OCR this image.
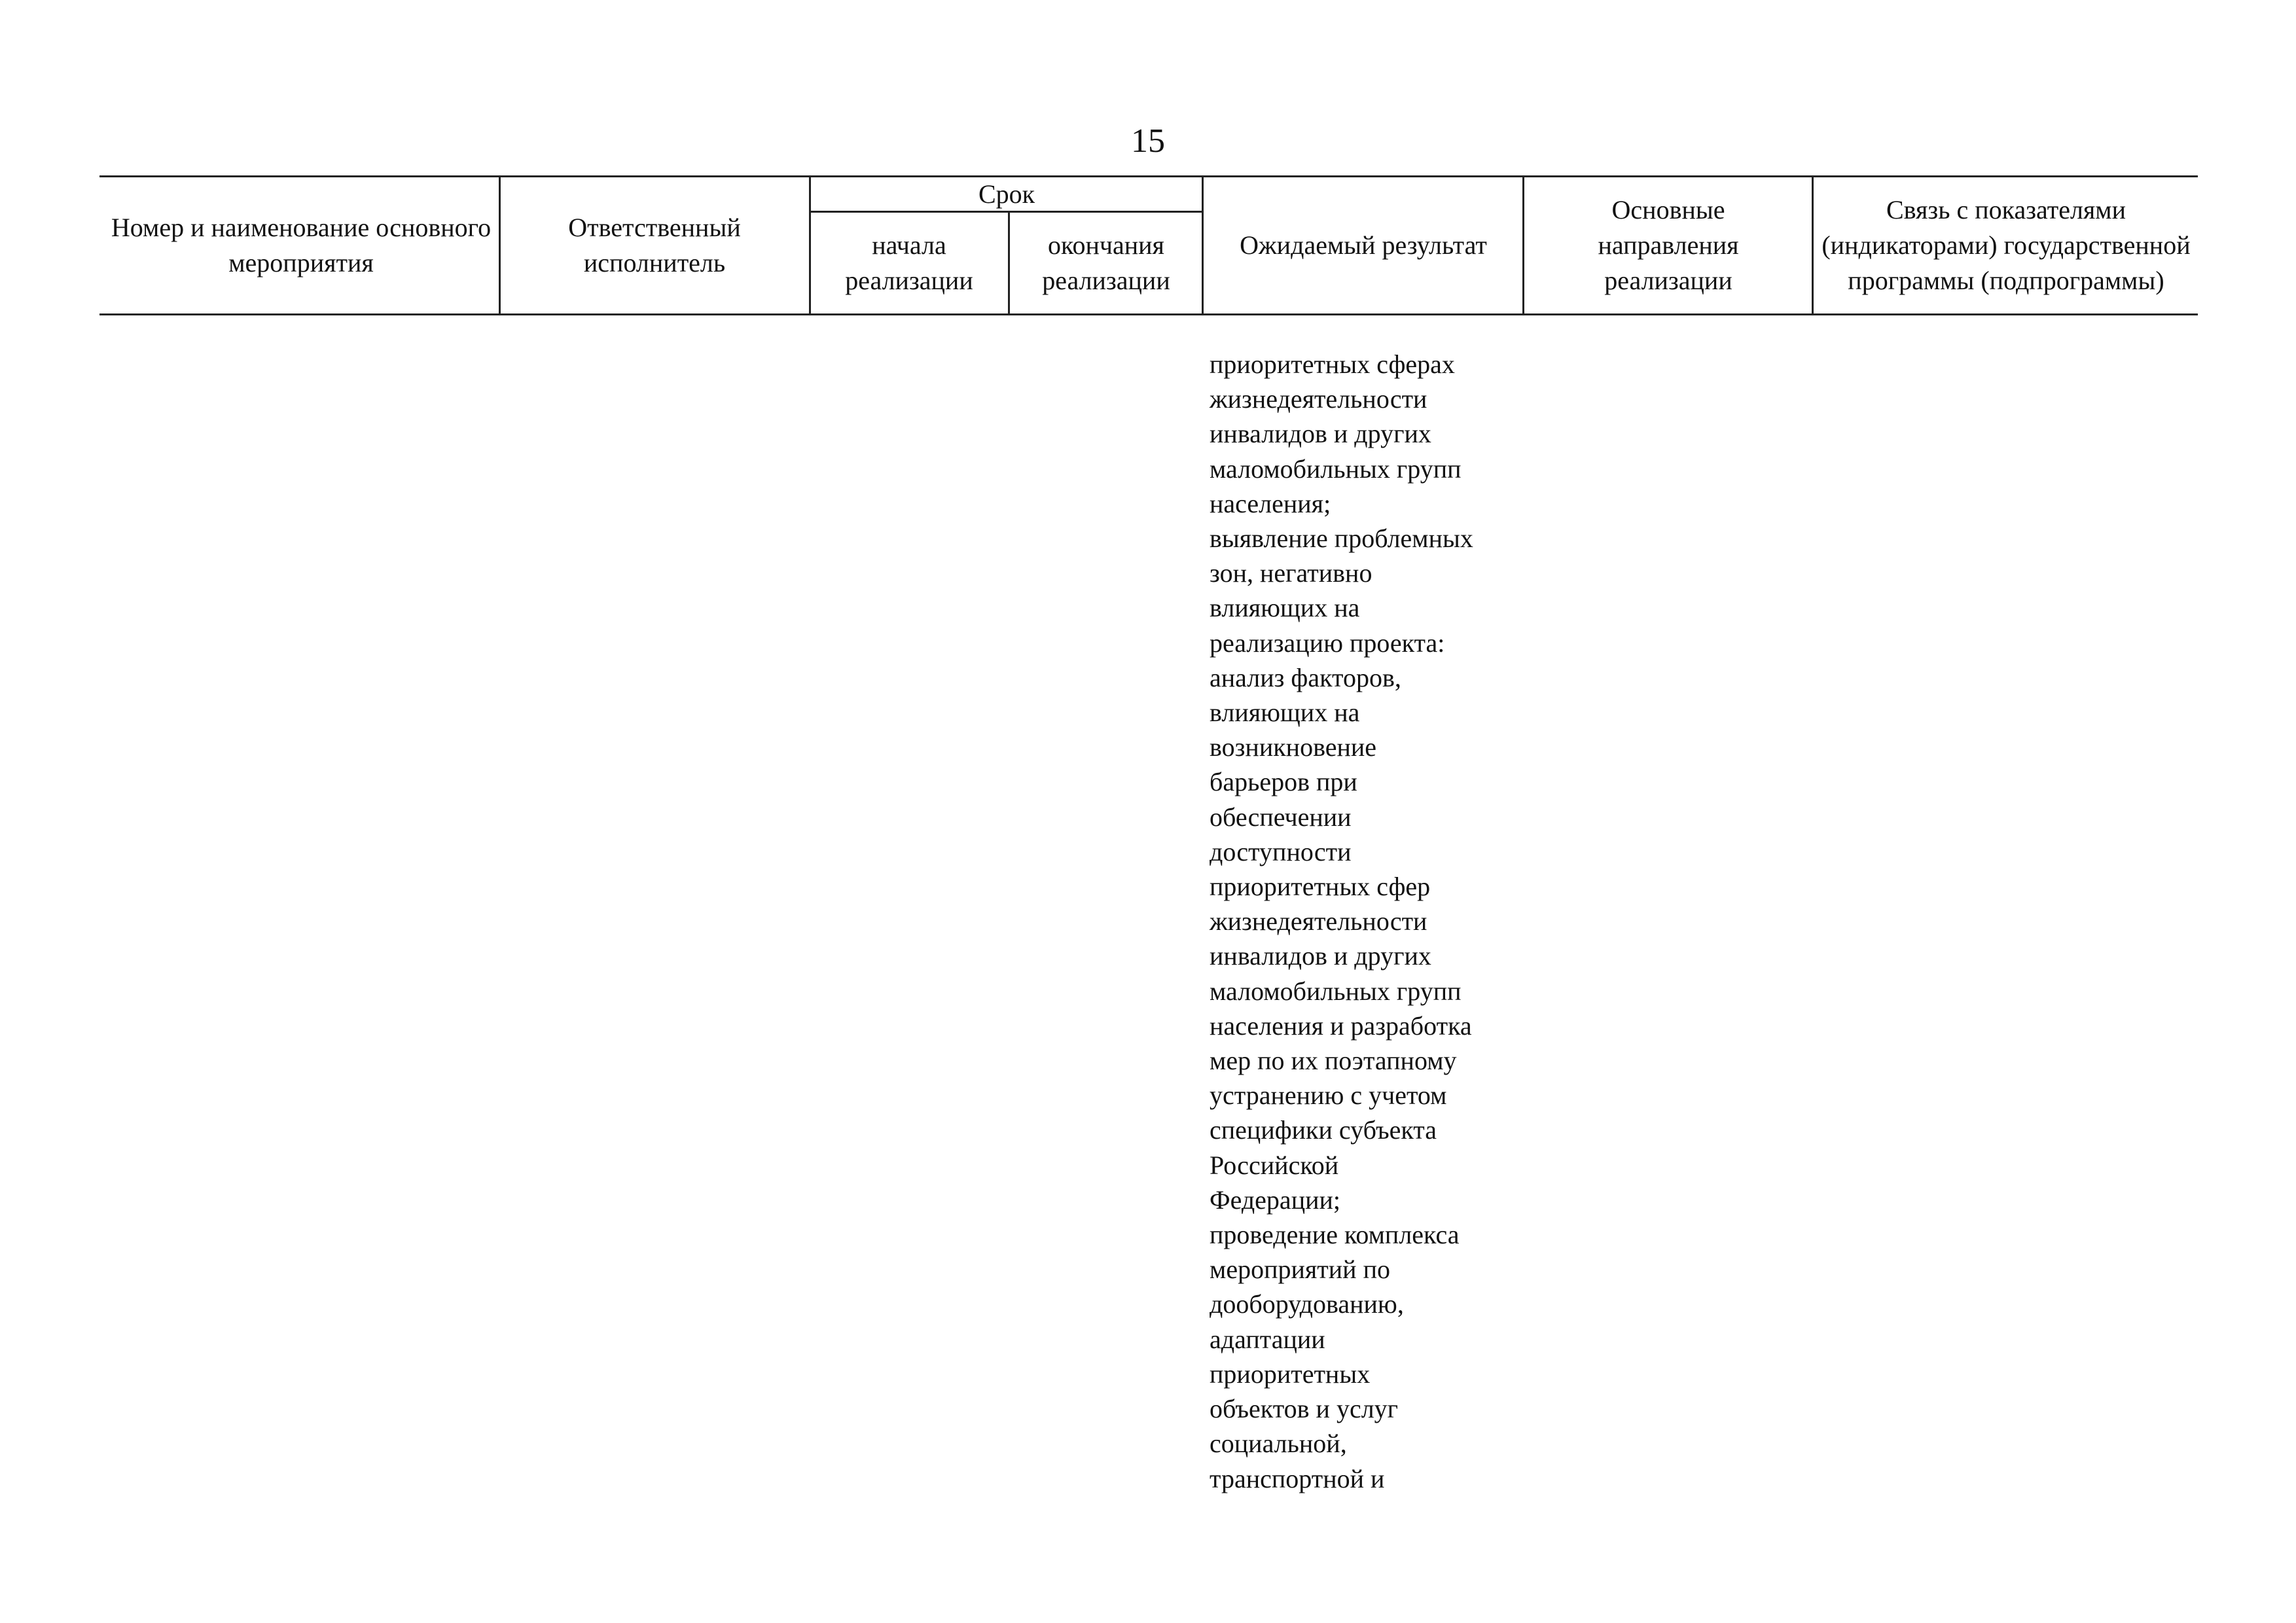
15
Номер и наименование основного мероприятия
Ответственный исполнитель
Срок
начала реализации
окончания реализации
Ожидаемый результат
Основные направления реализации
Связь с показателями (индикаторами) государственной программы (подпрограммы)
приоритетных сферах
жизнедеятельности
инвалидов и других
маломобильных групп
населения;
выявление проблемных
зон, негативно
влияющих на
реализацию проекта:
анализ факторов,
влияющих на
возникновение
барьеров при
обеспечении
доступности
приоритетных сфер
жизнедеятельности
инвалидов и других
маломобильных групп
населения и разработка
мер по их поэтапному
устранению с учетом
специфики субъекта
Российской
Федерации;
проведение комплекса
мероприятий по
дооборудованию,
адаптации
приоритетных
объектов и услуг
социальной,
транспортной и
